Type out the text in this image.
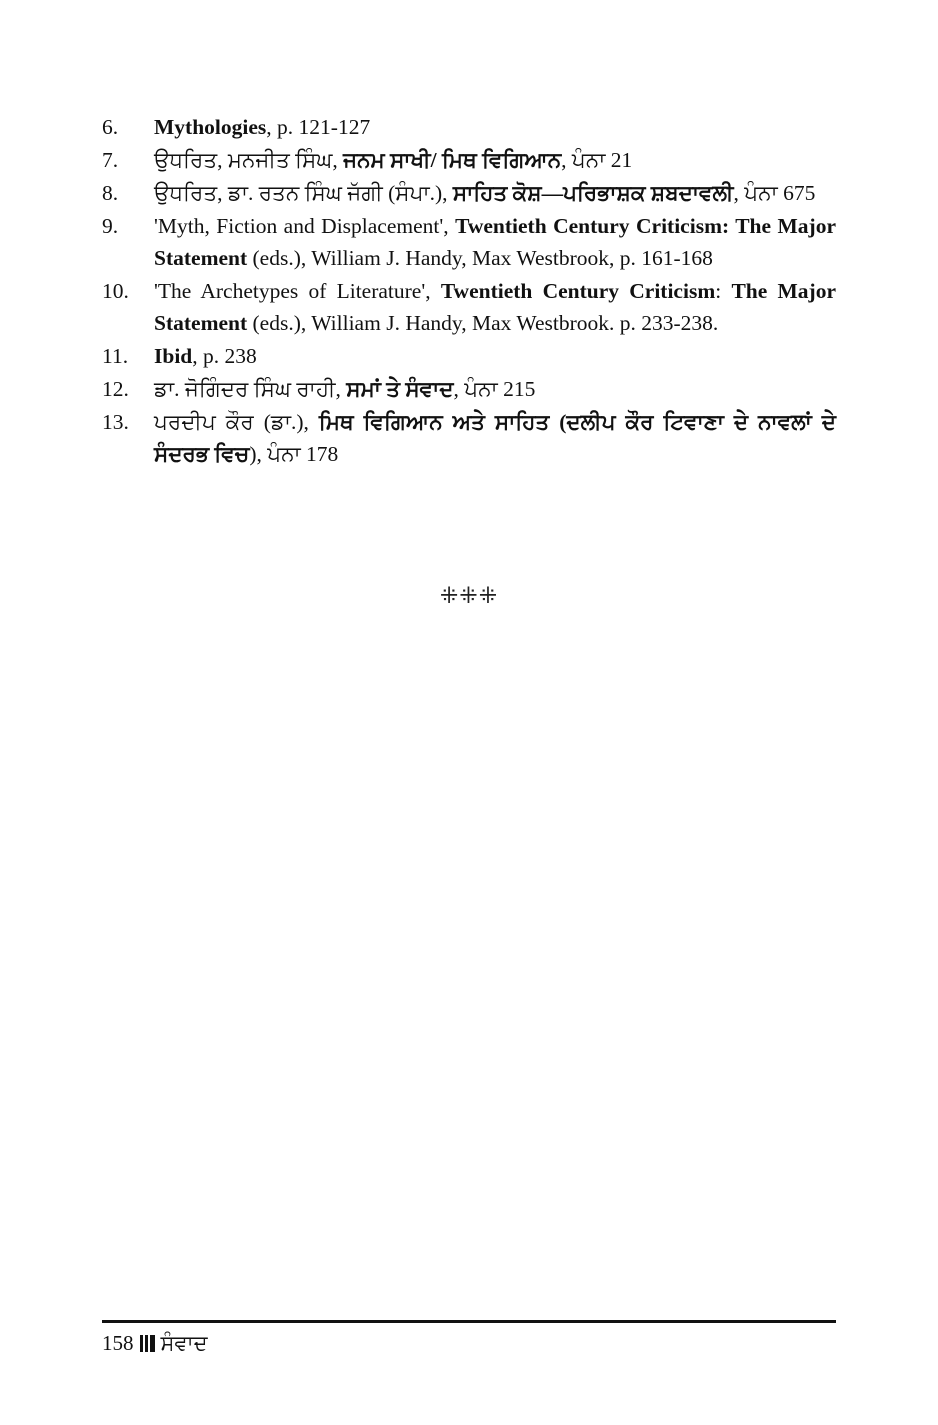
6.	Mythologies, p. 121-127
7.	ਉਧਰਿਤ, ਮਨਜੀਤ ਸਿੰਘ, ਜਨਮ ਸਾਖੀ/ ਮਿਥ ਵਿਗਿਆਨ, ਪੰਨਾ 21
8.	ਉਧਰਿਤ, ਡਾ. ਰਤਨ ਸਿੰਘ ਜੱਗੀ (ਸੰਪਾ.), ਸਾਹਿਤ ਕੋਸ਼—ਪਰਿਭਾਸ਼ਕ ਸ਼ਬਦਾਵਲੀ, ਪੰਨਾ 675
9.	'Myth, Fiction and Displacement', Twentieth Century Criticism: The Major Statement (eds.), William J. Handy, Max Westbrook, p. 161-168
10.	'The Archetypes of Literature', Twentieth Century Criticism: The Major Statement (eds.), William J. Handy, Max Westbrook. p. 233-238.
11.	Ibid, p. 238
12.	ਡਾ. ਜੋਗਿੰਦਰ ਸਿੰਘ ਰਾਹੀ, ਸਮਾਂ ਤੇ ਸੰਵਾਦ, ਪੰਨਾ 215
13.	ਪਰਦੀਪ ਕੌਰ (ਡਾ.), ਮਿਥ ਵਿਗਿਆਨ ਅਤੇ ਸਾਹਿਤ (ਦਲੀਪ ਕੌਰ ਟਿਵਾਣਾ ਦੇ ਨਾਵਲਾਂ ਦੇ ਸੰਦਰਭ ਵਿਚ), ਪੰਨਾ 178
⁜⁜⁜
158 ਸੰਵਾਦ
